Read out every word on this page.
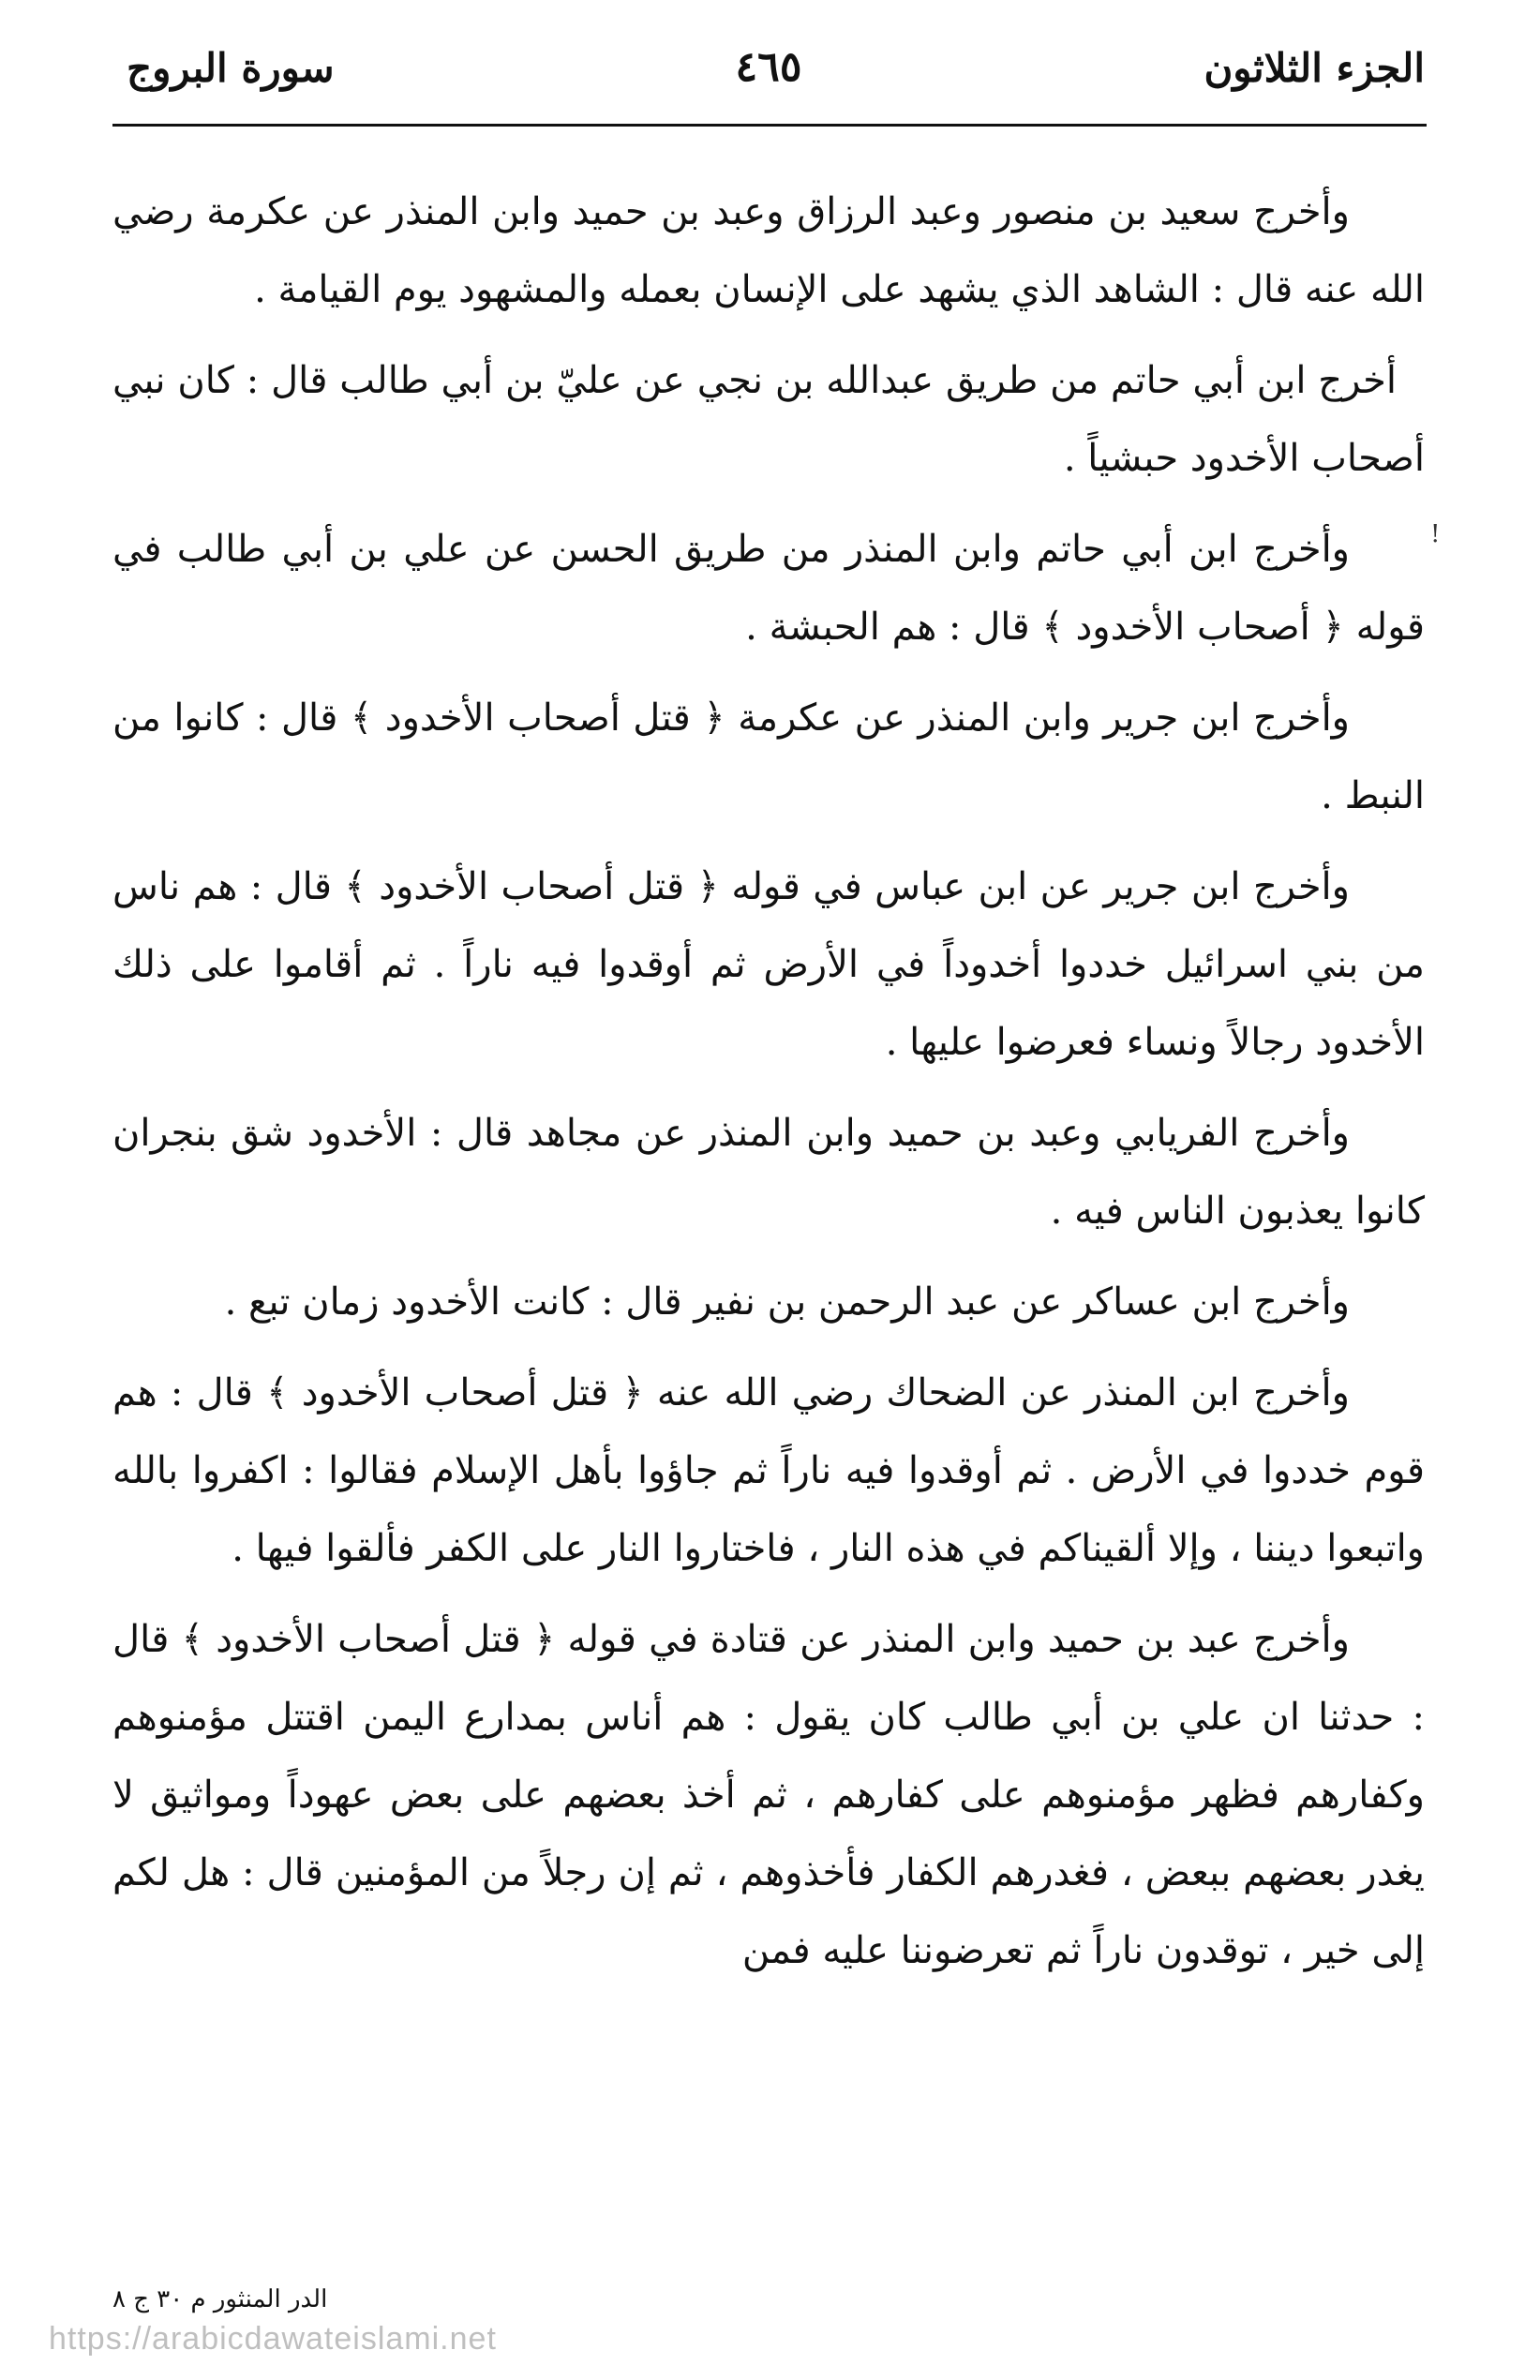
الجزء الثلاثون
٤٦٥
سورة البروج
!

وأخرج سعيد بن منصور وعبد الرزاق وعبد بن حميد وابن المنذر عن عكرمة رضي الله عنه قال : الشاهد الذي يشهد على الإنسان بعمله والمشهود يوم القيامة .

أخرج ابن أبي حاتم من طريق عبدالله بن نجي عن عليّ بن أبي طالب قال : كان نبي أصحاب الأخدود حبشياً .

وأخرج ابن أبي حاتم وابن المنذر من طريق الحسن عن علي بن أبي طالب في قوله ﴿ أصحاب الأخدود ﴾ قال : هم الحبشة .

وأخرج ابن جرير وابن المنذر عن عكرمة ﴿ قتل أصحاب الأخدود ﴾ قال : كانوا من النبط .

وأخرج ابن جرير عن ابن عباس في قوله ﴿ قتل أصحاب الأخدود ﴾ قال : هم ناس من بني اسرائيل خددوا أخدوداً في الأرض ثم أوقدوا فيه ناراً . ثم أقاموا على ذلك الأخدود رجالاً ونساء فعرضوا عليها .

وأخرج الفريابي وعبد بن حميد وابن المنذر عن مجاهد قال : الأخدود شق بنجران كانوا يعذبون الناس فيه .

وأخرج ابن عساكر عن عبد الرحمن بن نفير قال : كانت الأخدود زمان تبع .

وأخرج ابن المنذر عن الضحاك رضي الله عنه ﴿ قتل أصحاب الأخدود ﴾ قال : هم قوم خددوا في الأرض . ثم أوقدوا فيه ناراً ثم جاؤوا بأهل الإسلام فقالوا : اكفروا بالله واتبعوا ديننا ، وإلا ألقيناكم في هذه النار ، فاختاروا النار على الكفر فألقوا فيها .

وأخرج عبد بن حميد وابن المنذر عن قتادة في قوله ﴿ قتل أصحاب الأخدود ﴾ قال : حدثنا ان علي بن أبي طالب كان يقول : هم أناس بمدارع اليمن اقتتل مؤمنوهم وكفارهم فظهر مؤمنوهم على كفارهم ، ثم أخذ بعضهم على بعض عهوداً ومواثيق لا يغدر بعضهم ببعض ، فغدرهم الكفار فأخذوهم ، ثم إن رجلاً من المؤمنين قال : هل لكم إلى خير ، توقدون ناراً ثم تعرضوننا عليه فمن

الدر المنثور م ٣٠ ج ٨
https://arabicdawateislami.net
